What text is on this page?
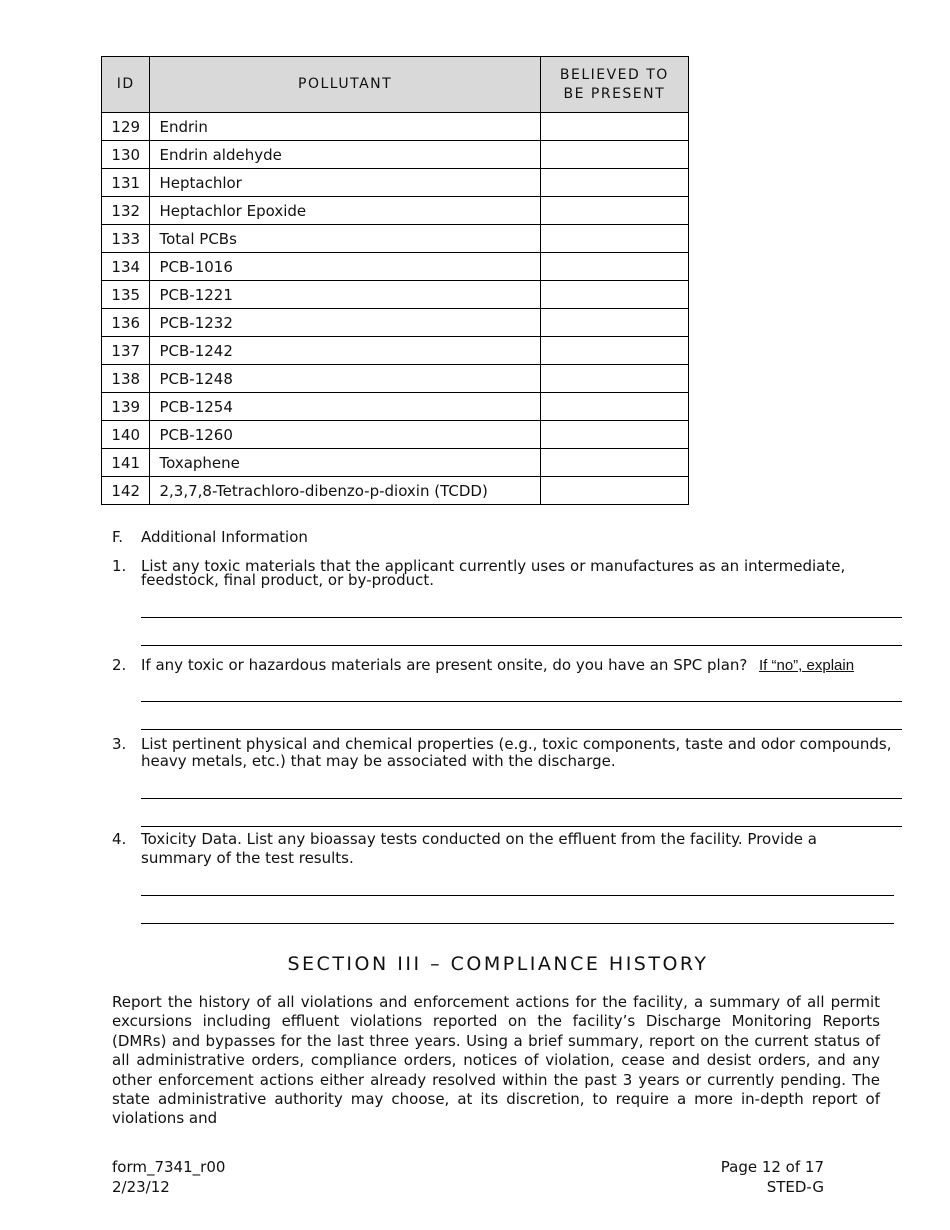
ID	POLLUTANT	BELIEVED TO
BE PRESENT
129	Endrin	
130	Endrin aldehyde	
131	Heptachlor	
132	Heptachlor Epoxide	
133	Total PCBs	
134	PCB-1016	
135	PCB-1221	
136	PCB-1232	
137	PCB-1242	
138	PCB-1248	
139	PCB-1254	
140	PCB-1260	
141	Toxaphene	
142	2,3,7,8-Tetrachloro-dibenzo-p-dioxin (TCDD)	
F. Additional Information
1. List any toxic materials that the applicant currently uses or manufactures as an intermediate,
feedstock, final product, or by-product.
2. If any toxic or hazardous materials are present onsite, do you have an SPC plan? If “no”, explain
3. List pertinent physical and chemical properties (e.g., toxic components, taste and odor compounds,
heavy metals, etc.) that may be associated with the discharge.
4. Toxicity Data. List any bioassay tests conducted on the effluent from the facility. Provide a
summary of the test results.
SECTION III – COMPLIANCE HISTORY
Report the history of all violations and enforcement actions for the facility, a summary of all permit excursions including effluent violations reported on the facility’s Discharge Monitoring Reports (DMRs) and bypasses for the last three years. Using a brief summary, report on the current status of all administrative orders, compliance orders, notices of violation, cease and desist orders, and any other enforcement actions either already resolved within the past 3 years or currently pending. The state administrative authority may choose, at its discretion, to require a more in-depth report of violations and
form_7341_r00
2/23/12
Page 12 of 17
STED-G
